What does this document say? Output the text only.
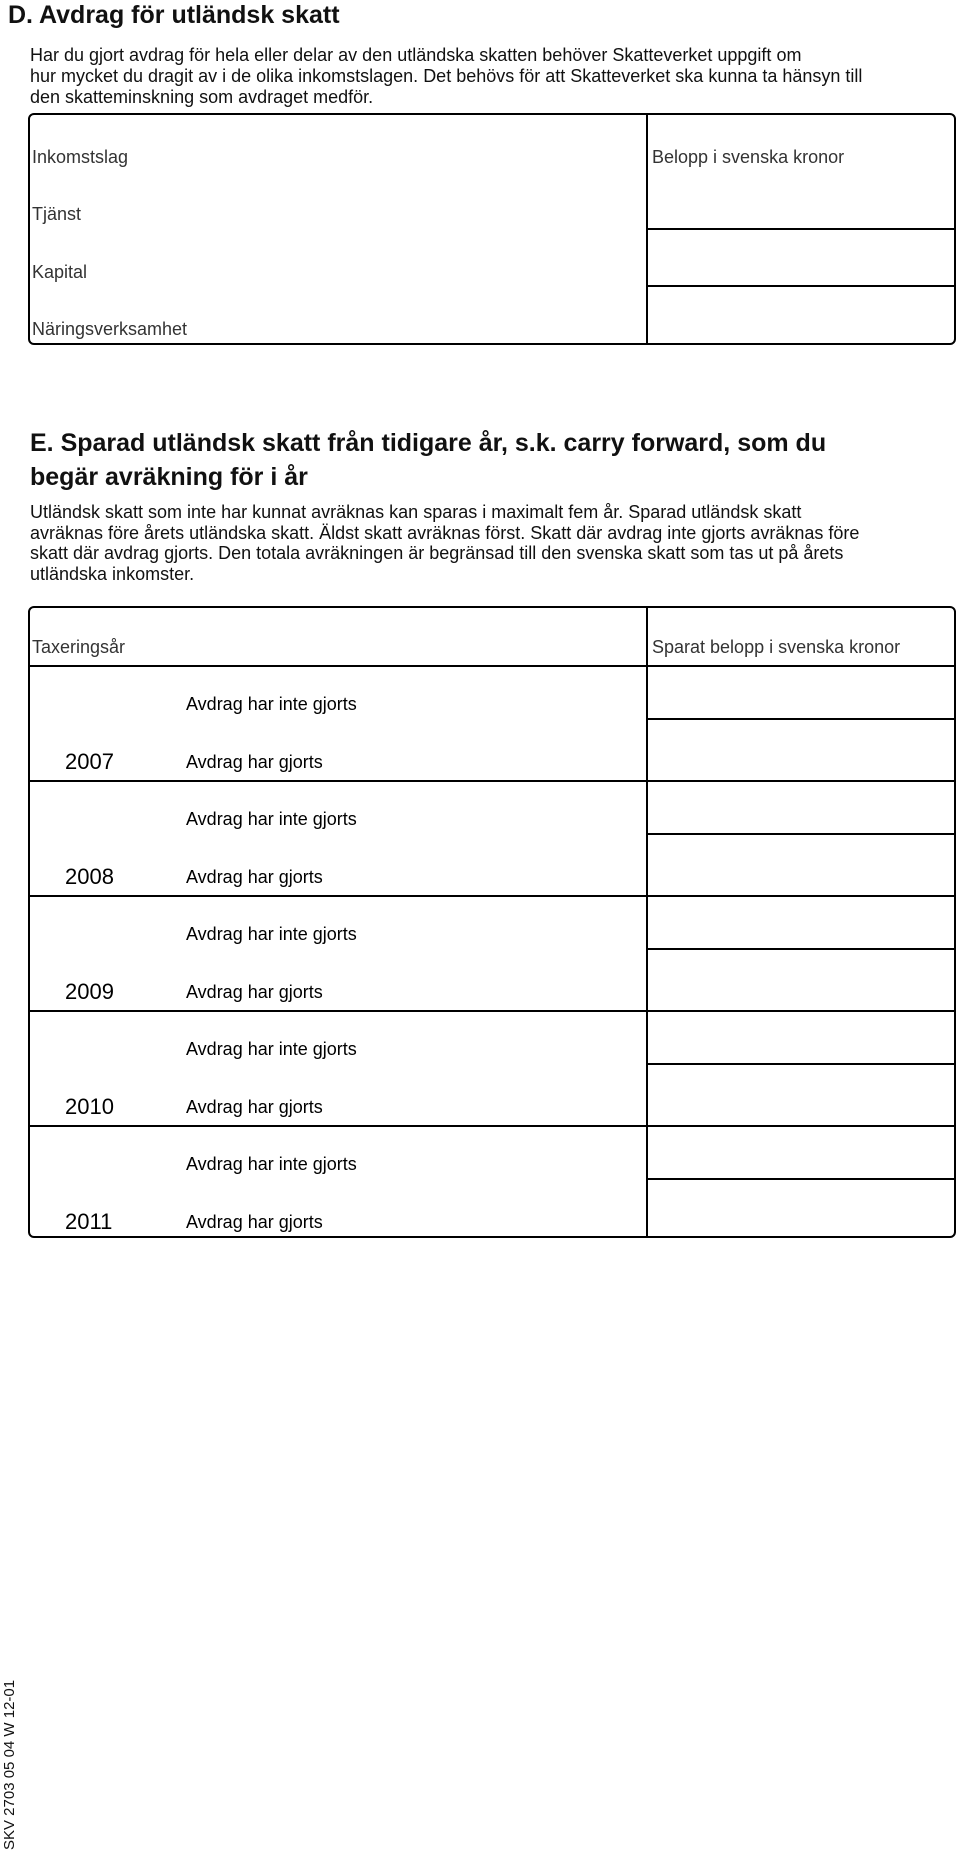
D. Avdrag för utländsk skatt
Har du gjort avdrag för hela eller delar av den utländska skatten behöver Skatteverket uppgift om
hur mycket du dragit av i de olika inkomstslagen. Det behövs för att Skatteverket ska kunna ta hänsyn till
den skatteminskning som avdraget medför.
Inkomstslag	Belopp i svenska kronor
Tjänst
Kapital
Näringsverksamhet
E. Sparad utländsk skatt från tidigare år, s.k. carry forward, som du
begär avräkning för i år
Utländsk skatt som inte har kunnat avräknas kan sparas i maximalt fem år. Sparad utländsk skatt
avräknas före årets utländska skatt. Äldst skatt avräknas först. Skatt där avdrag inte gjorts avräknas före
skatt där avdrag gjorts. Den totala avräkningen är begränsad till den svenska skatt som tas ut på årets
utländska inkomster.
Taxeringsår	Sparat belopp i svenska kronor
Avdrag har inte gjorts
2007	Avdrag har gjorts
Avdrag har inte gjorts
2008	Avdrag har gjorts
Avdrag har inte gjorts
2009	Avdrag har gjorts
Avdrag har inte gjorts
2010	Avdrag har gjorts
Avdrag har inte gjorts
2011	Avdrag har gjorts
SKV 2703 05 04 W 12-01
